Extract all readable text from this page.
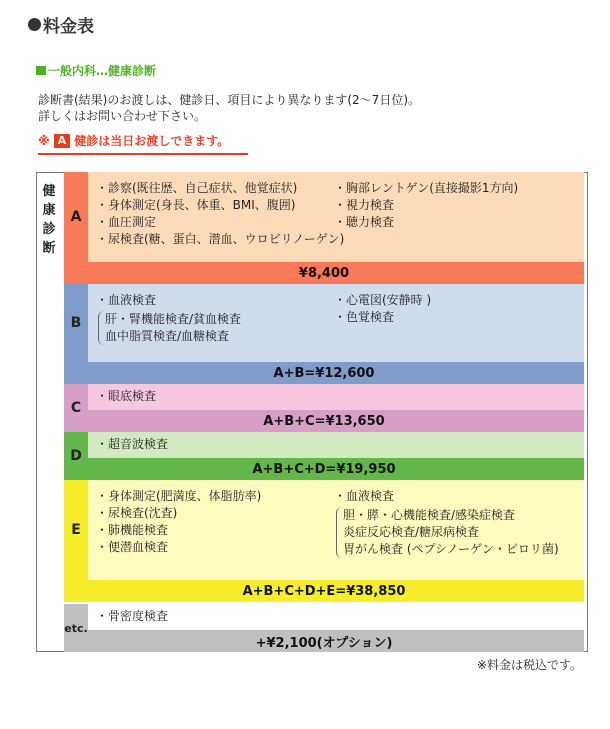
料金表
一般内科…健康診断
診断書(結果)のお渡しは、健診日、項目により異なります(2〜7日位)。
詳しくはお問い合わせ下さい。
※ A 健診は当日お渡しできます。
健
康
診
断
A
・診察(既往歴、自己症状、他覚症状)
・身体測定(身長、体重、BMI、腹囲)
・血圧測定
・尿検査(糖、蛋白、潜血、ウロビリノーゲン)
・胸部レントゲン(直接撮影1方向)
・視力検査
・聴力検査
¥8,400
B
・血液検査
肝・腎機能検査/貧血検査
血中脂質検査/血糖検査
・心電図(安静時 )
・色覚検査
A+B=¥12,600
C
・眼底検査
A+B+C=¥13,650
D
・超音波検査
A+B+C+D=¥19,950
E
・身体測定(肥満度、体脂肪率)
・尿検査(沈査)
・肺機能検査
・便潜血検査
・血液検査
胆・膵・心機能検査/感染症検査
炎症反応検査/糖尿病検査
胃がん検査 (ペプシノーゲン・ピロリ菌)
A+B+C+D+E=¥38,850
etc.
・骨密度検査
+¥2,100(オプション)
※料金は税込です。
